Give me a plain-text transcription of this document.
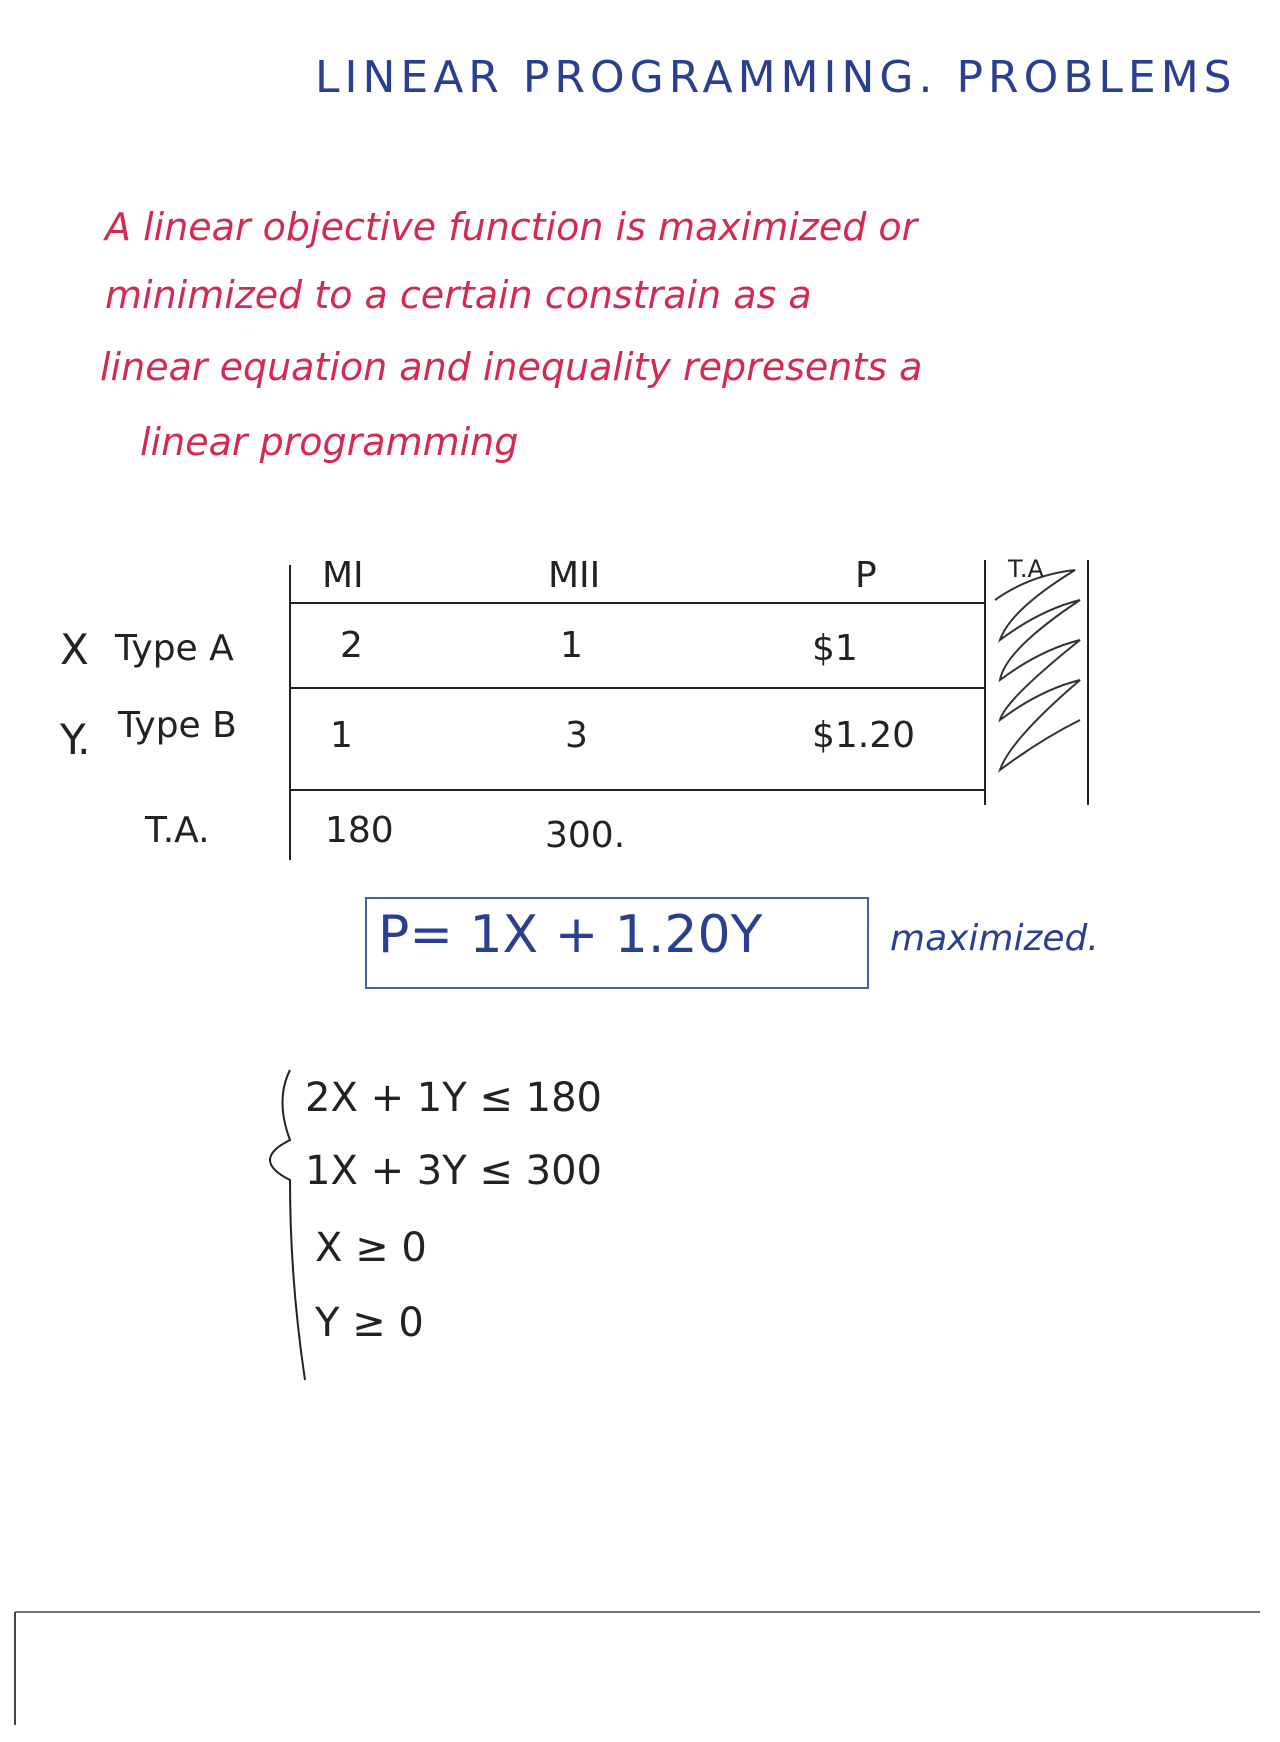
LINEAR PROGRAMMING. PROBLEMS
A linear objective function is maximized or
minimized to a certain constrain as a
linear equation and inequality represents a
linear programming
MI	MII	P	T.A
X Type A	2	1	$1
Y. Type B	1	3	$1.20
T.A.	180	300.
P= 1X + 1.20Y	maximized.
2X + 1Y ≤ 180
1X + 3Y ≤ 300
X ≥ 0
Y ≥ 0
